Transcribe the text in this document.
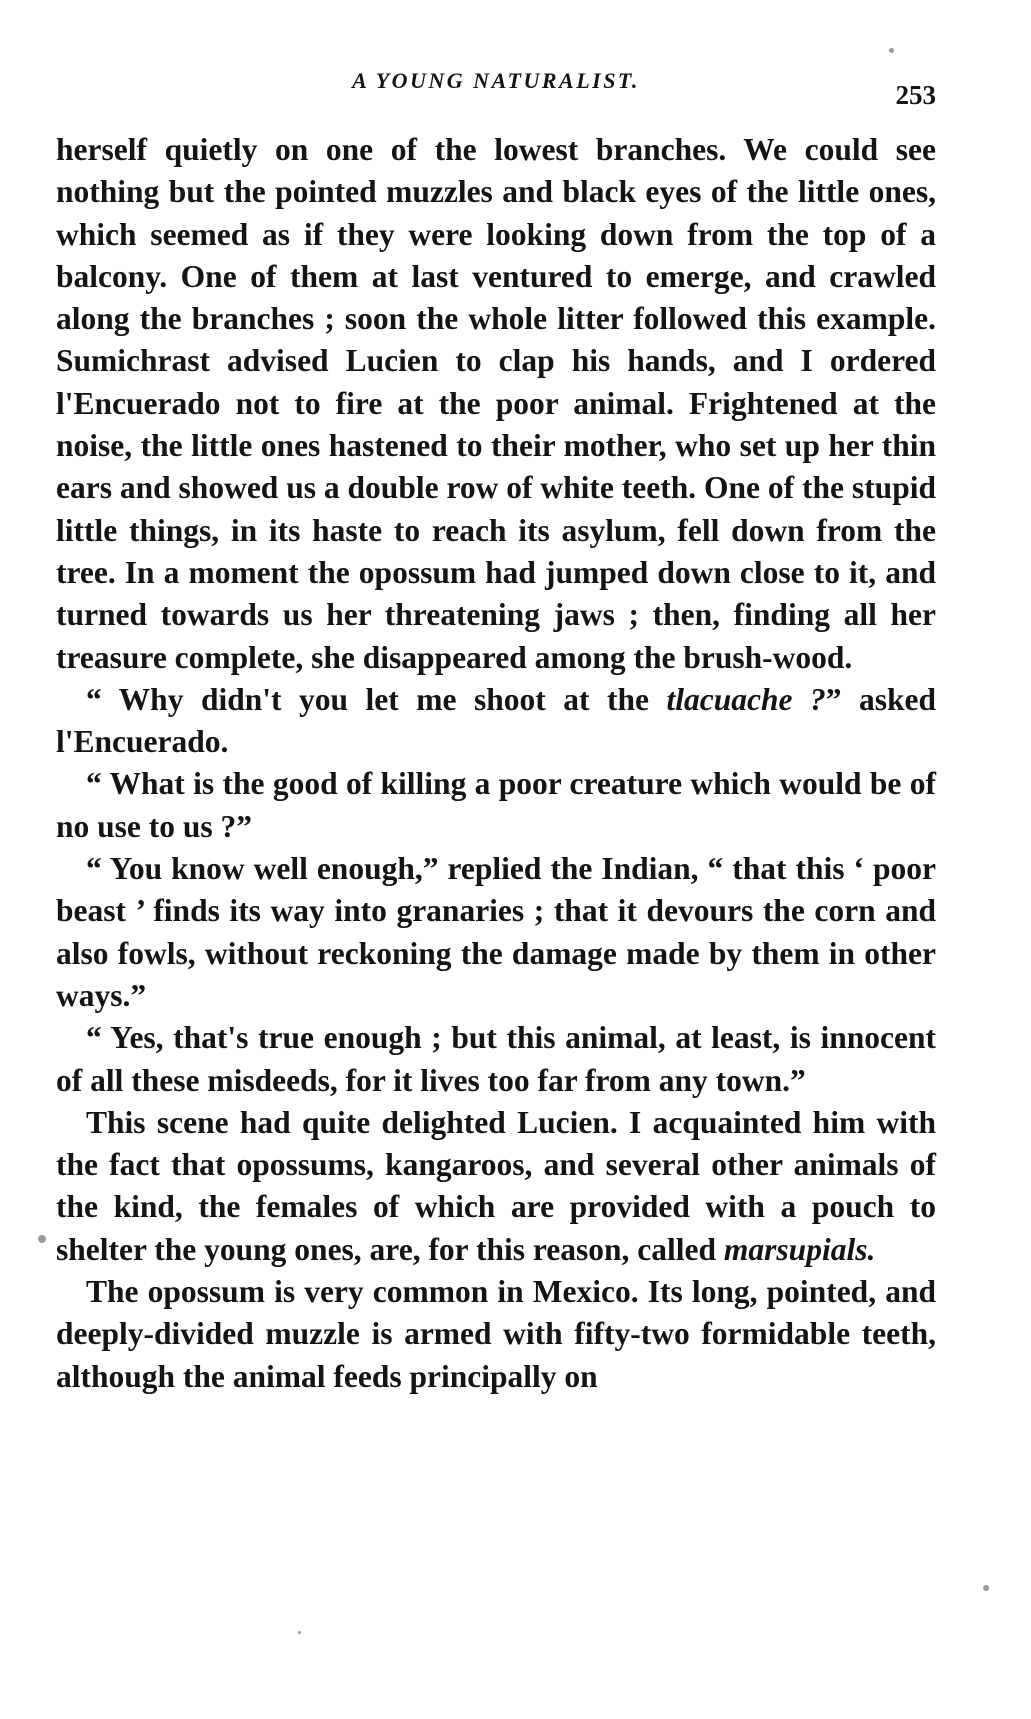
A YOUNG NATURALIST.	253

herself quietly on one of the lowest branches. We could see nothing but the pointed muzzles and black eyes of the little ones, which seemed as if they were looking down from the top of a balcony. One of them at last ventured to emerge, and crawled along the branches ; soon the whole litter followed this example. Sumichrast advised Lucien to clap his hands, and I ordered l'Encuerado not to fire at the poor animal. Frightened at the noise, the little ones hastened to their mother, who set up her thin ears and showed us a double row of white teeth. One of the stupid little things, in its haste to reach its asylum, fell down from the tree. In a moment the opossum had jumped down close to it, and turned towards us her threatening jaws ; then, finding all her treasure complete, she disappeared among the brush-wood.

“ Why didn't you let me shoot at the tlacuache ?” asked l'Encuerado.

“ What is the good of killing a poor creature which would be of no use to us ?”

“ You know well enough,” replied the Indian, “ that this ‘ poor beast ’ finds its way into granaries ; that it devours the corn and also fowls, without reckoning the damage made by them in other ways.”

“ Yes, that's true enough ; but this animal, at least, is innocent of all these misdeeds, for it lives too far from any town.”

This scene had quite delighted Lucien. I acquainted him with the fact that opossums, kangaroos, and several other animals of the kind, the females of which are provided with a pouch to shelter the young ones, are, for this reason, called marsupials.

The opossum is very common in Mexico. Its long, pointed, and deeply-divided muzzle is armed with fifty-two formidable teeth, although the animal feeds principally on
